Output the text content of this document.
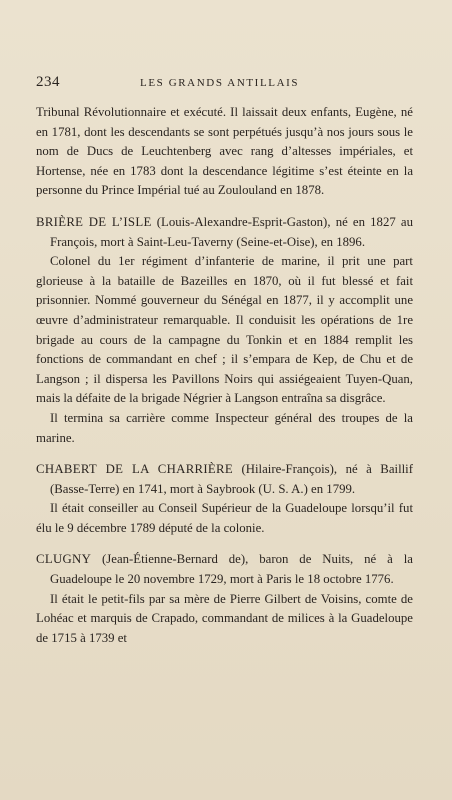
234	LES GRANDS ANTILLAIS

Tribunal Révolutionnaire et exécuté. Il laissait deux enfants, Eugène, né en 1781, dont les descendants se sont perpétués jusqu’à nos jours sous le nom de Ducs de Leuchtenberg avec rang d’altesses impériales, et Hortense, née en 1783 dont la descendance légitime s’est éteinte en la personne du Prince Impérial tué au Zoulouland en 1878.

BRIÈRE DE L’ISLE (Louis-Alexandre-Esprit-Gaston), né en 1827 au François, mort à Saint-Leu-Taverny (Seine-et-Oise), en 1896.

Colonel du 1er régiment d’infanterie de marine, il prit une part glorieuse à la bataille de Bazeilles en 1870, où il fut blessé et fait prisonnier. Nommé gouverneur du Sénégal en 1877, il y accomplit une œuvre d’administrateur remarquable. Il conduisit les opérations de 1re brigade au cours de la campagne du Tonkin et en 1884 remplit les fonctions de commandant en chef ; il s’empara de Kep, de Chu et de Langson ; il dispersa les Pavillons Noirs qui assiégeaient Tuyen-Quan, mais la défaite de la brigade Négrier à Langson entraîna sa disgrâce.

Il termina sa carrière comme Inspecteur général des troupes de la marine.

CHABERT DE LA CHARRIÈRE (Hilaire-François), né à Baillif (Basse-Terre) en 1741, mort à Saybrook (U. S. A.) en 1799.

Il était conseiller au Conseil Supérieur de la Guadeloupe lorsqu’il fut élu le 9 décembre 1789 député de la colonie.

CLUGNY (Jean-Étienne-Bernard de), baron de Nuits, né à la Guadeloupe le 20 novembre 1729, mort à Paris le 18 octobre 1776.

Il était le petit-fils par sa mère de Pierre Gilbert de Voisins, comte de Lohéac et marquis de Crapado, commandant de milices à la Guadeloupe de 1715 à 1739 et
